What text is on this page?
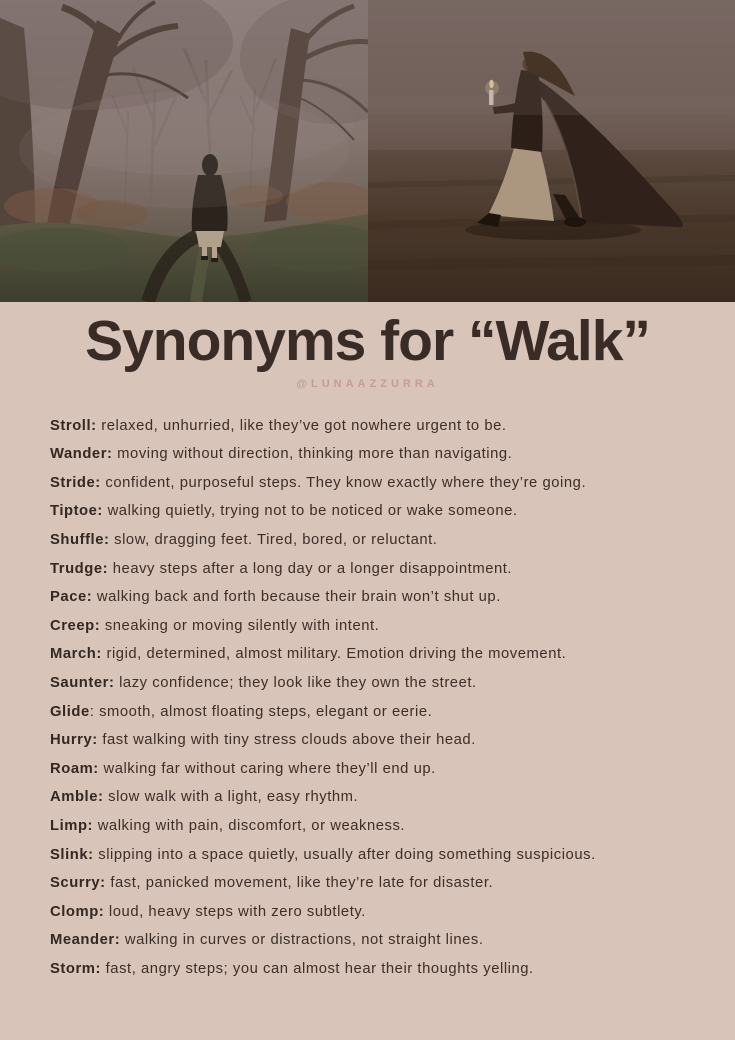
Synonyms for “Walk”
@LUNAAZZURRA
Stroll: relaxed, unhurried, like they’ve got nowhere urgent to be.
Wander: moving without direction, thinking more than navigating.
Stride: confident, purposeful steps. They know exactly where they’re going.
Tiptoe: walking quietly, trying not to be noticed or wake someone.
Shuffle: slow, dragging feet. Tired, bored, or reluctant.
Trudge: heavy steps after a long day or a longer disappointment.
Pace: walking back and forth because their brain won’t shut up.
Creep: sneaking or moving silently with intent.
March: rigid, determined, almost military. Emotion driving the movement.
Saunter: lazy confidence; they look like they own the street.
Glide: smooth, almost floating steps, elegant or eerie.
Hurry: fast walking with tiny stress clouds above their head.
Roam: walking far without caring where they’ll end up.
Amble: slow walk with a light, easy rhythm.
Limp: walking with pain, discomfort, or weakness.
Slink: slipping into a space quietly, usually after doing something suspicious.
Scurry: fast, panicked movement, like they’re late for disaster.
Clomp: loud, heavy steps with zero subtlety.
Meander: walking in curves or distractions, not straight lines.
Storm: fast, angry steps; you can almost hear their thoughts yelling.
